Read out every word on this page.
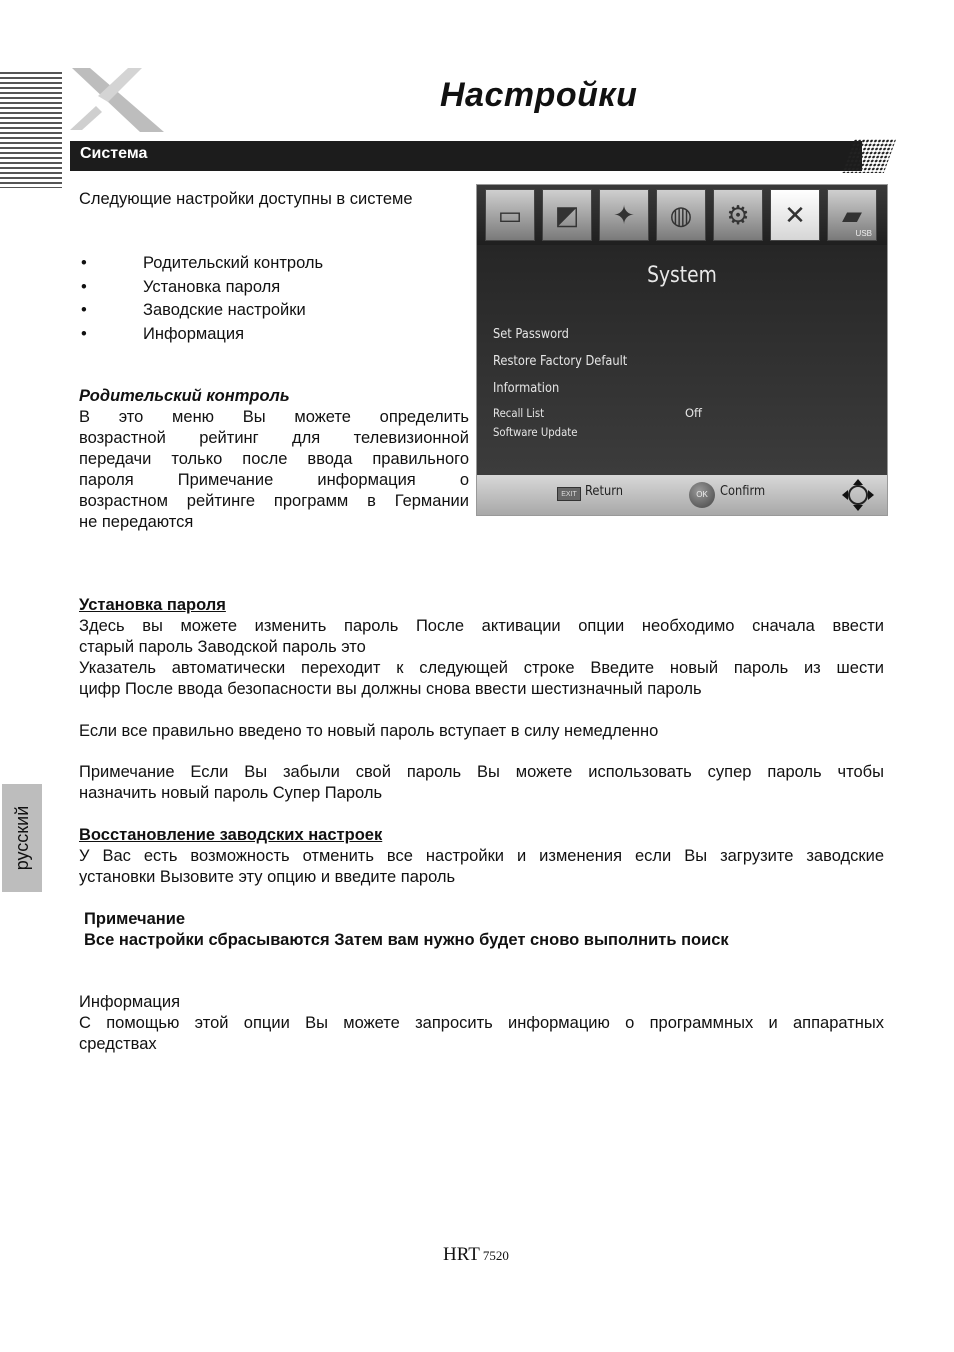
Настройки
Система
Следующие настройки доступны в системе
•	Родительский контроль
•	Установка пароля
•	Заводские настройки
•	Информация
Родительский контроль
В это меню Вы можете определить
возрастной рейтинг для телевизионной
передачи только после ввода правильного
пароля Примечание информация о
возрастном рейтинге программ в Германии
не передаются
▭	◩	✦	◍	⚙	✕	▰
USB
System
Set Password
Restore Factory Default
Information
Recall List	Off
Software Update
EXIT Return	OK Confirm
Установка пароля
Здесь вы можете изменить пароль После активации опции необходимо сначала ввести
старый пароль Заводской пароль это
Указатель автоматически переходит к следующей строке Введите новый пароль из шести
цифр После ввода безопасности вы должны снова ввести шестизначный пароль
Если все правильно введено то новый пароль вступает в силу немедленно
Примечание Если Вы забыли свой пароль Вы можете использовать супер пароль чтобы
назначить новый пароль Супер Пароль
Восстановление заводских настроек
У Вас есть возможность отменить все настройки и изменения если Вы загрузите заводские
установки Вызовите эту опцию и введите пароль
Примечание
Все настройки сбрасываются Затем вам нужно будет сново выполнить поиск
Информация
С помощью этой опции Вы можете запросить информацию о программных и аппаратных
средствах
русский
HRT 7520
